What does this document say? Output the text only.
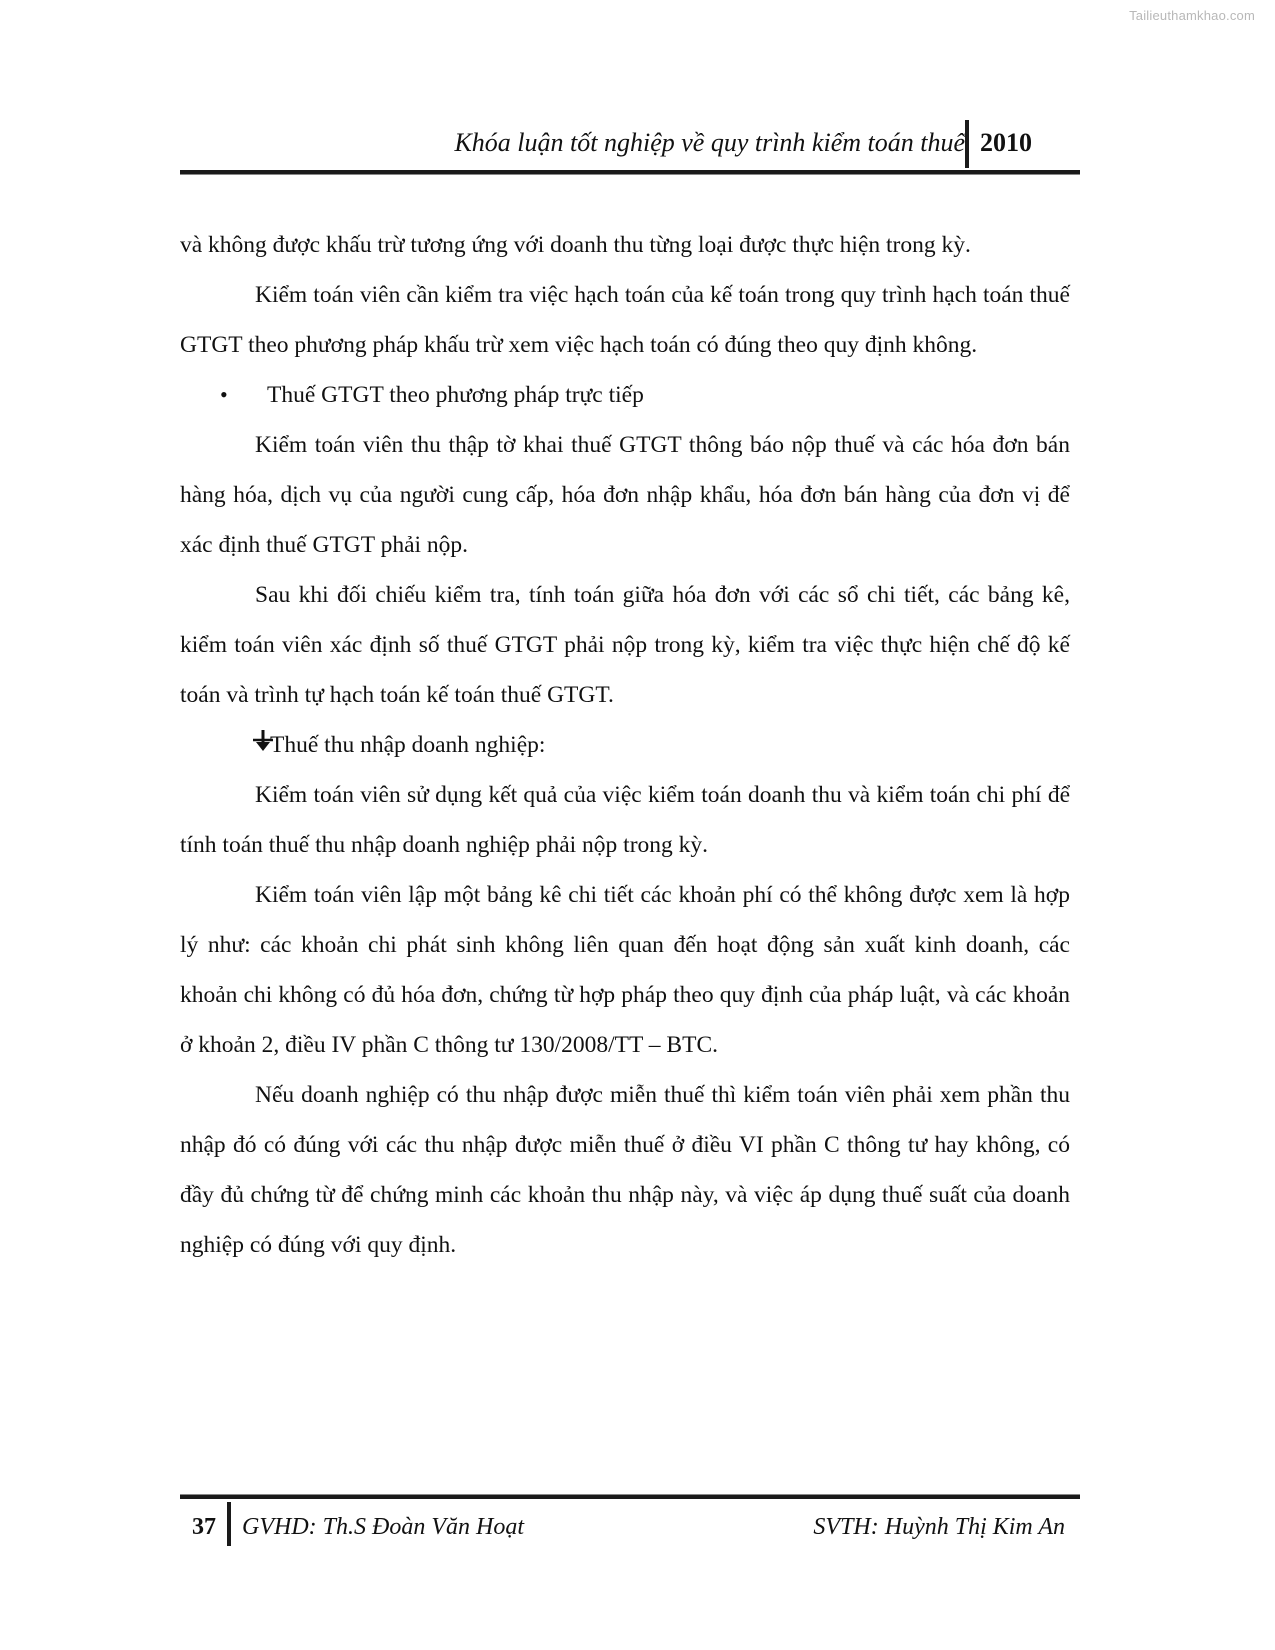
Tailieuthamkhao.com
Khóa luận tốt nghiệp về quy trình kiểm toán thuế 2010

và không được khấu trừ tương ứng với doanh thu từng loại được thực hiện trong kỳ.

Kiểm toán viên cần kiểm tra việc hạch toán của kế toán trong quy trình hạch toán thuế GTGT theo phương pháp khấu trừ xem việc hạch toán có đúng theo quy định không.

•	Thuế GTGT theo phương pháp trực tiếp

Kiểm toán viên thu thập tờ khai thuế GTGT thông báo nộp thuế và các hóa đơn bán hàng hóa, dịch vụ của người cung cấp, hóa đơn nhập khẩu, hóa đơn bán hàng của đơn vị để xác định thuế GTGT phải nộp.

Sau khi đối chiếu kiểm tra, tính toán giữa hóa đơn với các sổ chi tiết, các bảng kê, kiểm toán viên xác định số thuế GTGT phải nộp trong kỳ, kiểm tra việc thực hiện chế độ kế toán và trình tự hạch toán kế toán thuế GTGT.

Thuế thu nhập doanh nghiệp:

Kiểm toán viên sử dụng kết quả của việc kiểm toán doanh thu và kiểm toán chi phí để tính toán thuế thu nhập doanh nghiệp phải nộp trong kỳ.

Kiểm toán viên lập một bảng kê chi tiết các khoản phí có thể không được xem là hợp lý như: các khoản chi phát sinh không liên quan đến hoạt động sản xuất kinh doanh, các khoản chi không có đủ hóa đơn, chứng từ hợp pháp theo quy định của pháp luật, và các khoản ở khoản 2, điều IV phần C thông tư 130/2008/TT – BTC.

Nếu doanh nghiệp có thu nhập được miễn thuế thì kiểm toán viên phải xem phần thu nhập đó có đúng với các thu nhập được miễn thuế ở điều VI phần C thông tư hay không, có đầy đủ chứng từ để chứng minh các khoản thu nhập này, và việc áp dụng thuế suất của doanh nghiệp có đúng với quy định.

37 GVHD: Th.S Đoàn Văn Hoạt	SVTH: Huỳnh Thị Kim An
